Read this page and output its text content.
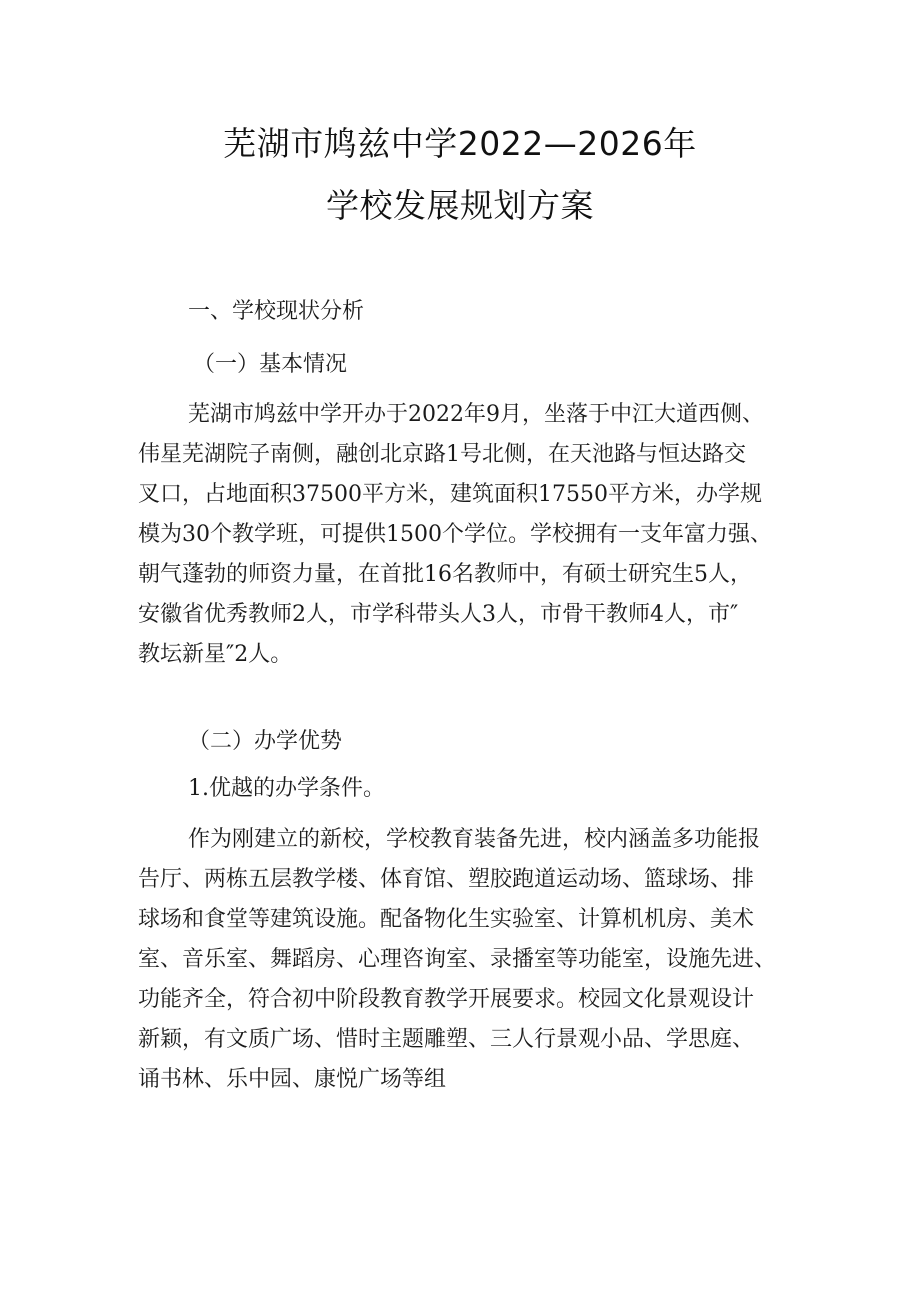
芜湖市鸠兹中学2022—2026年
学校发展规划方案
一、学校现状分析
（一）基本情况
芜湖市鸠兹中学开办于2022年9月，坐落于中江大道西侧、
伟星芜湖院子南侧，融创北京路1号北侧，在天池路与恒达路交
叉口，占地面积37500平方米，建筑面积17550平方米，办学规
模为30个教学班，可提供1500个学位。学校拥有一支年富力强、
朝气蓬勃的师资力量，在首批16名教师中，有硕士研究生5人，
安徽省优秀教师2人，市学科带头人3人，市骨干教师4人，市″
教坛新星″2人。
（二）办学优势
1.优越的办学条件。
作为刚建立的新校，学校教育装备先进，校内涵盖多功能报
告厅、两栋五层教学楼、体育馆、塑胶跑道运动场、篮球场、排
球场和食堂等建筑设施。配备物化生实验室、计算机机房、美术
室、音乐室、舞蹈房、心理咨询室、录播室等功能室，设施先进、
功能齐全，符合初中阶段教育教学开展要求。校园文化景观设计
新颖，有文质广场、惜时主题雕塑、三人行景观小品、学思庭、
诵书林、乐中园、康悦广场等组
